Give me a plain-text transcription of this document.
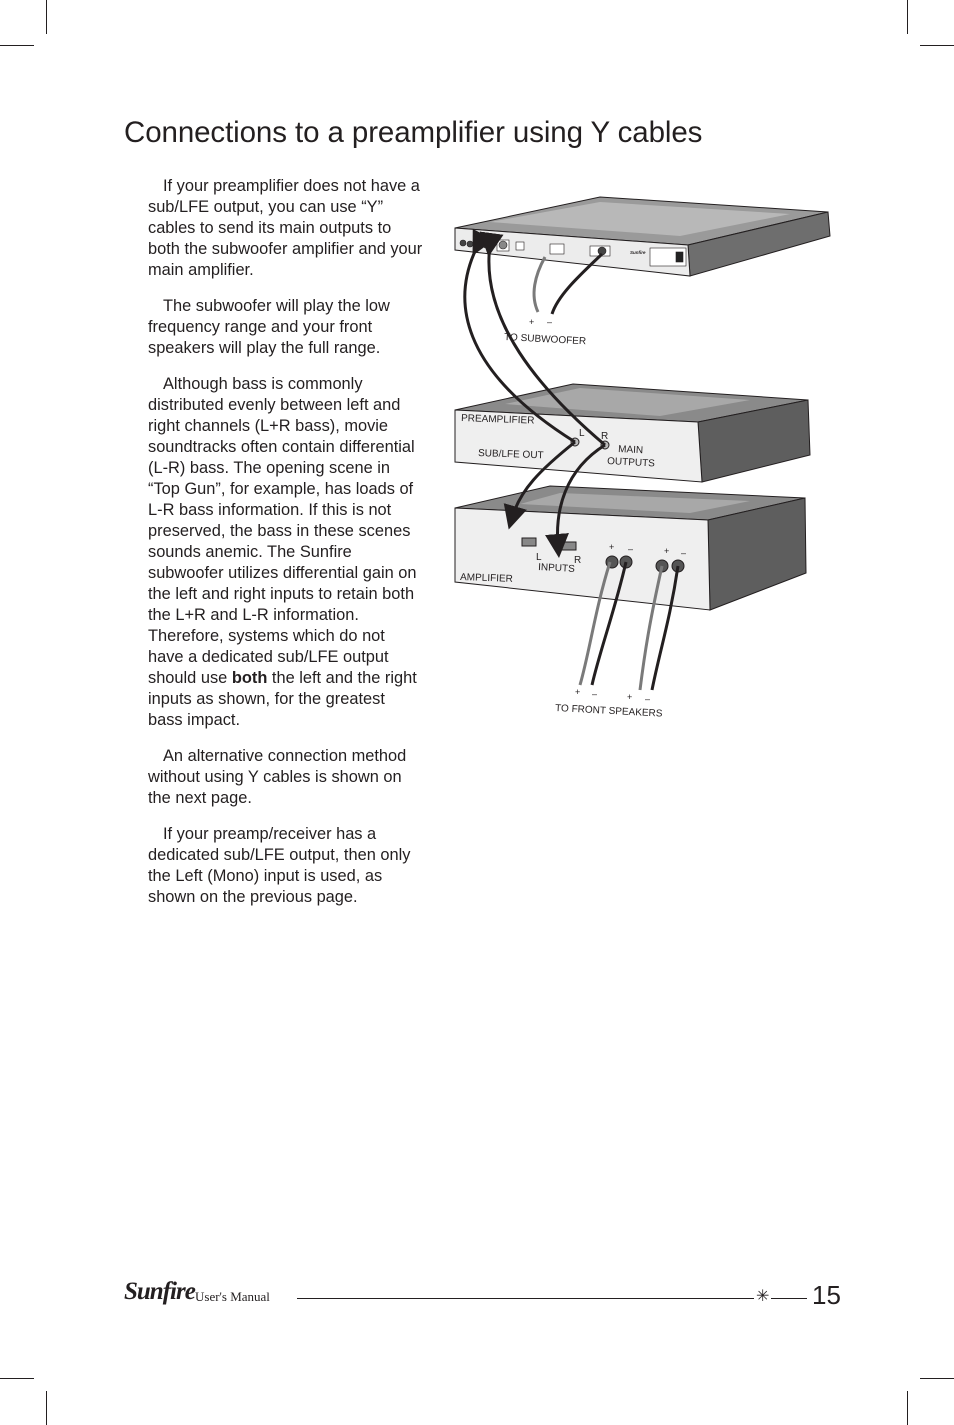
Connections to a preamplifier using Y cables

If your preamplifier does not have a sub/LFE output, you can use “Y” cables to send its main outputs to both the subwoofer amplifier and your main amplifier.

The subwoofer will play the low frequency range and your front speakers will play the full range.

Although bass is commonly distributed evenly between left and right channels (L+R bass), movie soundtracks often contain differential (L-R) bass. The opening scene in “Top Gun”, for example, has loads of L-R bass information. If this is not preserved, the bass in these scenes sounds anemic. The Sunfire subwoofer utilizes differential gain on the left and right inputs to retain both the L+R and L-R information. Therefore, systems which do not have a dedicated sub/LFE output should use both the left and the right inputs as shown, for the greatest bass impact.

An alternative connection method without using Y cables is shown on the next page.

If your preamp/receiver has a dedicated sub/LFE output, then only the Left (Mono) input is used, as shown on the previous page.

Sunfire
+ –
TO SUBWOOFER
PREAMPLIFIER
SUB/LFE OUT
L R
MAIN
OUTPUTS
AMPLIFIER
L	R
INPUTS
+ –	+ –
+ –	+ –
TO FRONT SPEAKERS
Sunfire User's Manual	✳ 15
